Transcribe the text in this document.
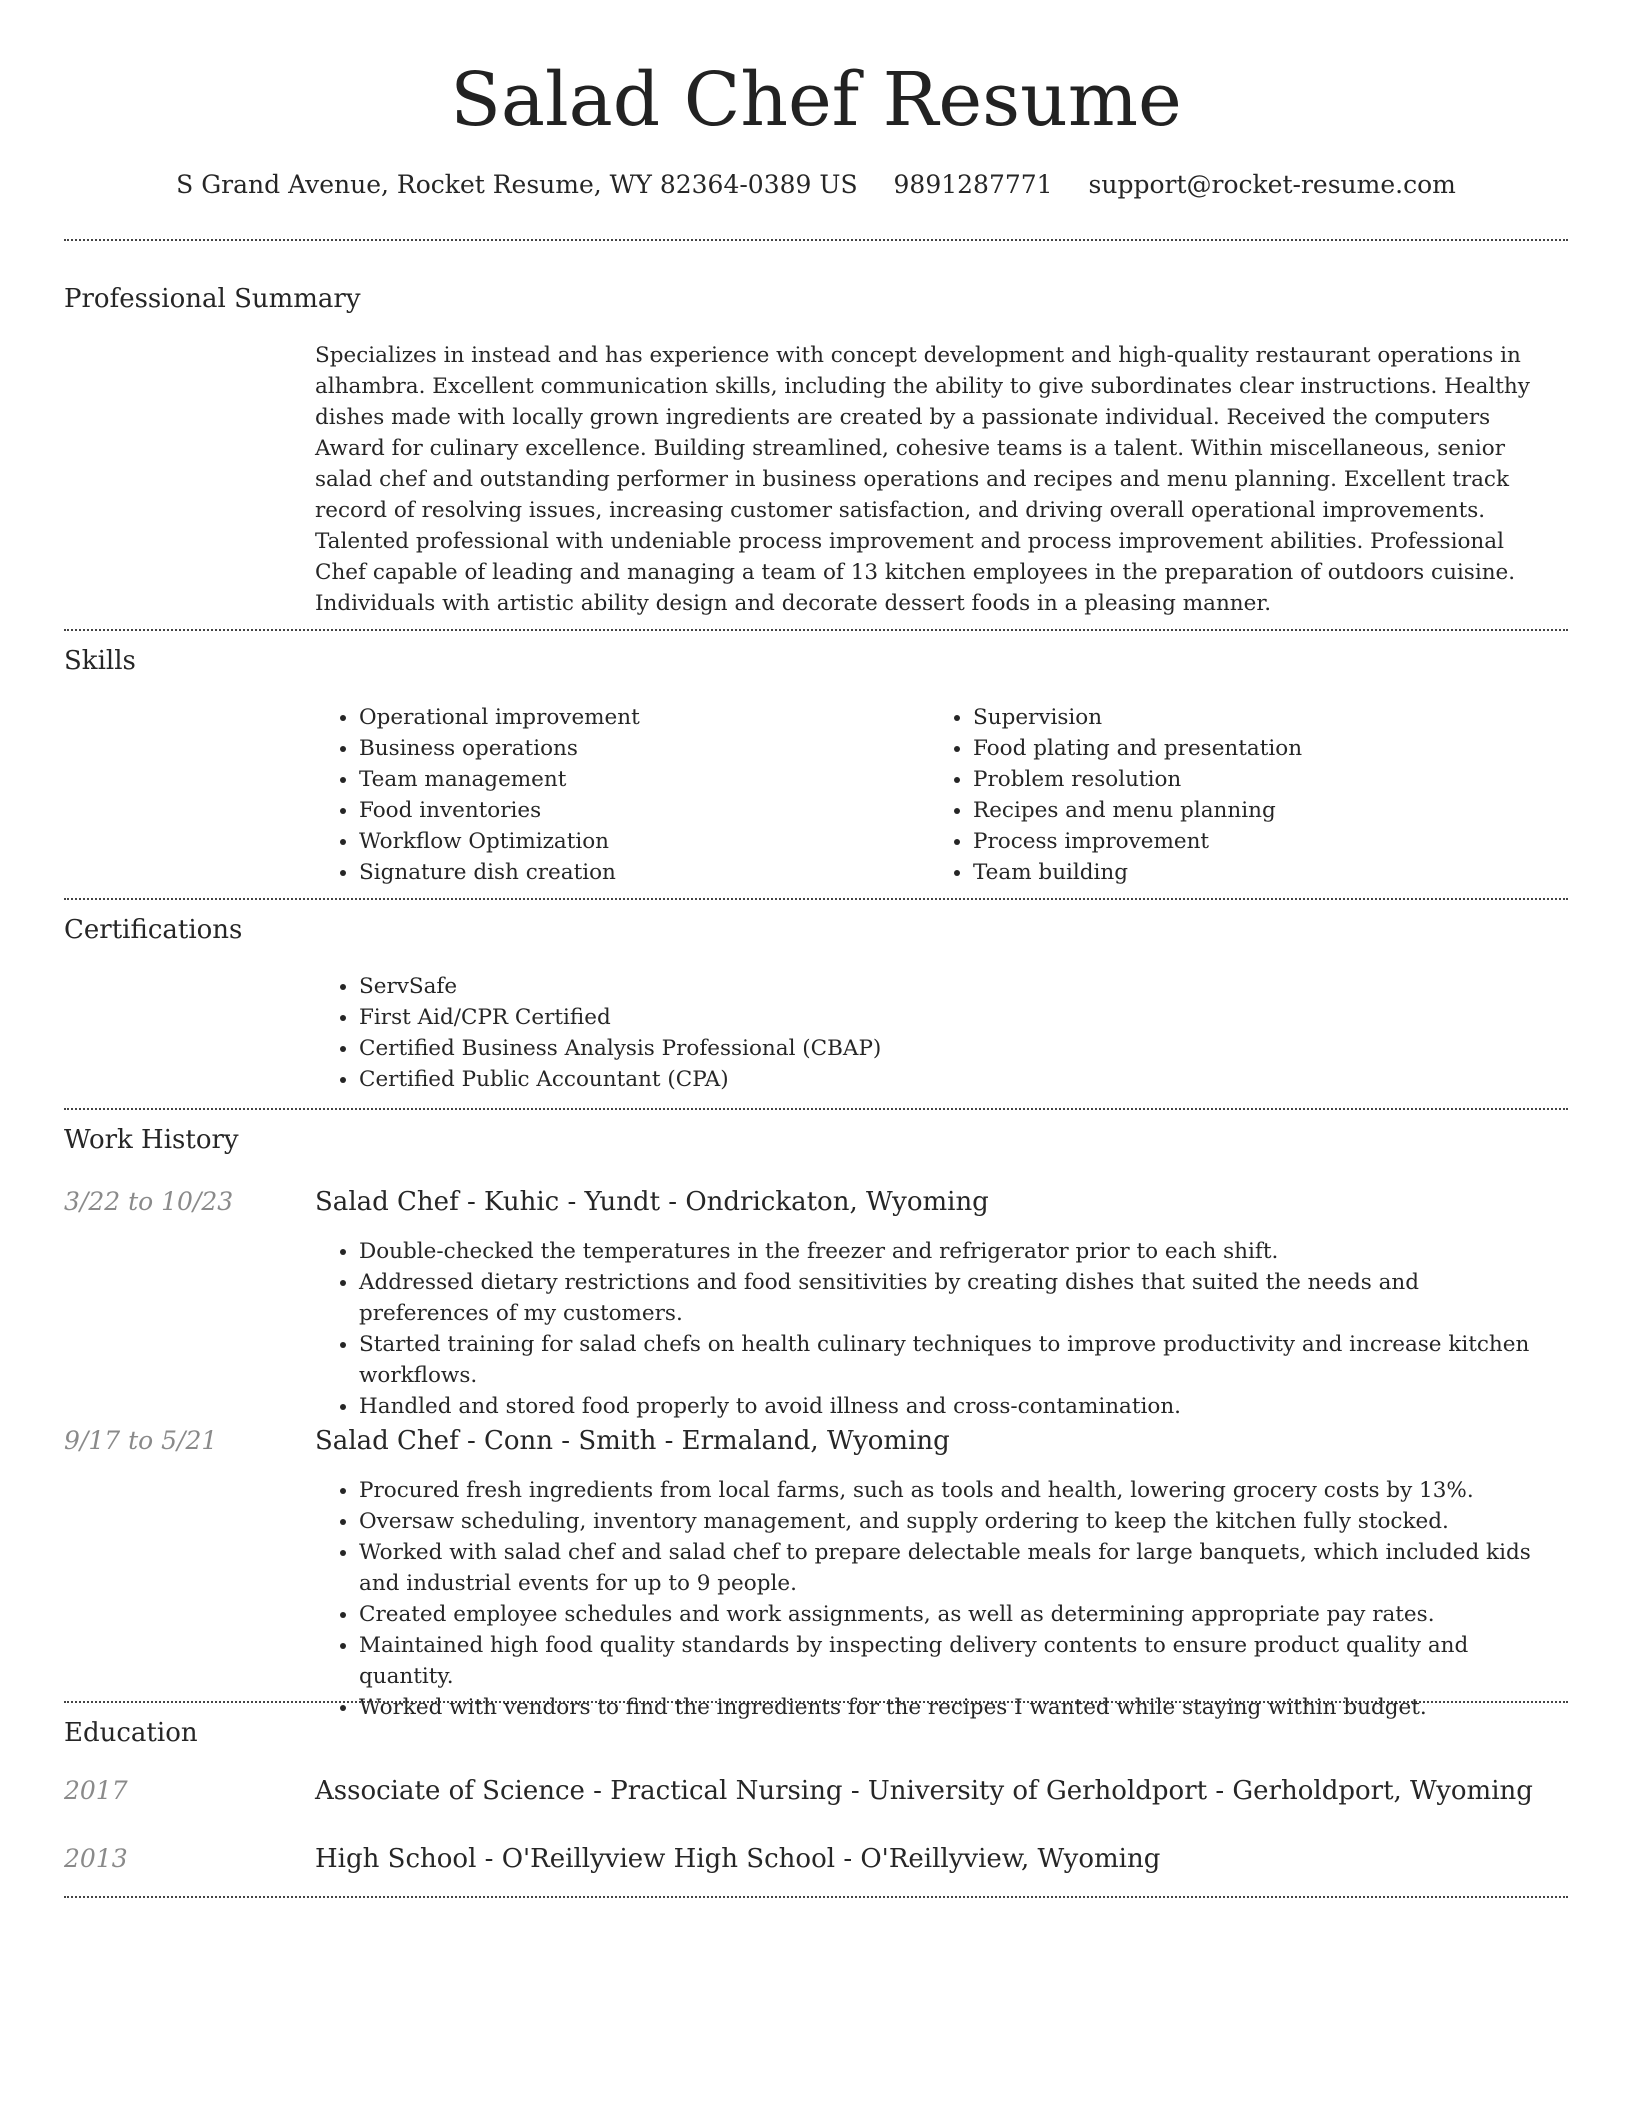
Salad Chef Resume
S Grand Avenue, Rocket Resume, WY 82364-0389 US 9891287771 support@rocket-resume.com
Professional Summary
Specializes in instead and has experience with concept development and high-quality restaurant operations in alhambra. Excellent communication skills, including the ability to give subordinates clear instructions. Healthy dishes made with locally grown ingredients are created by a passionate individual. Received the computers Award for culinary excellence. Building streamlined, cohesive teams is a talent. Within miscellaneous, senior salad chef and outstanding performer in business operations and recipes and menu planning. Excellent track record of resolving issues, increasing customer satisfaction, and driving overall operational improvements. Talented professional with undeniable process improvement and process improvement abilities. Professional Chef capable of leading and managing a team of 13 kitchen employees in the preparation of outdoors cuisine. Individuals with artistic ability design and decorate dessert foods in a pleasing manner.
Skills
• Operational improvement
• Business operations
• Team management
• Food inventories
• Workflow Optimization
• Signature dish creation
• Supervision
• Food plating and presentation
• Problem resolution
• Recipes and menu planning
• Process improvement
• Team building
Certifications
• ServSafe
• First Aid/CPR Certified
• Certified Business Analysis Professional (CBAP)
• Certified Public Accountant (CPA)
Work History
3/22 to 10/23	Salad Chef - Kuhic - Yundt - Ondrickaton, Wyoming
• Double-checked the temperatures in the freezer and refrigerator prior to each shift.
• Addressed dietary restrictions and food sensitivities by creating dishes that suited the needs and preferences of my customers.
• Started training for salad chefs on health culinary techniques to improve productivity and increase kitchen workflows.
• Handled and stored food properly to avoid illness and cross-contamination.
9/17 to 5/21	Salad Chef - Conn - Smith - Ermaland, Wyoming
• Procured fresh ingredients from local farms, such as tools and health, lowering grocery costs by 13%.
• Oversaw scheduling, inventory management, and supply ordering to keep the kitchen fully stocked.
• Worked with salad chef and salad chef to prepare delectable meals for large banquets, which included kids and industrial events for up to 9 people.
• Created employee schedules and work assignments, as well as determining appropriate pay rates.
• Maintained high food quality standards by inspecting delivery contents to ensure product quality and quantity.
• Worked with vendors to find the ingredients for the recipes I wanted while staying within budget.
Education
2017	Associate of Science - Practical Nursing - University of Gerholdport - Gerholdport, Wyoming
2013	High School - O'Reillyview High School - O'Reillyview, Wyoming
